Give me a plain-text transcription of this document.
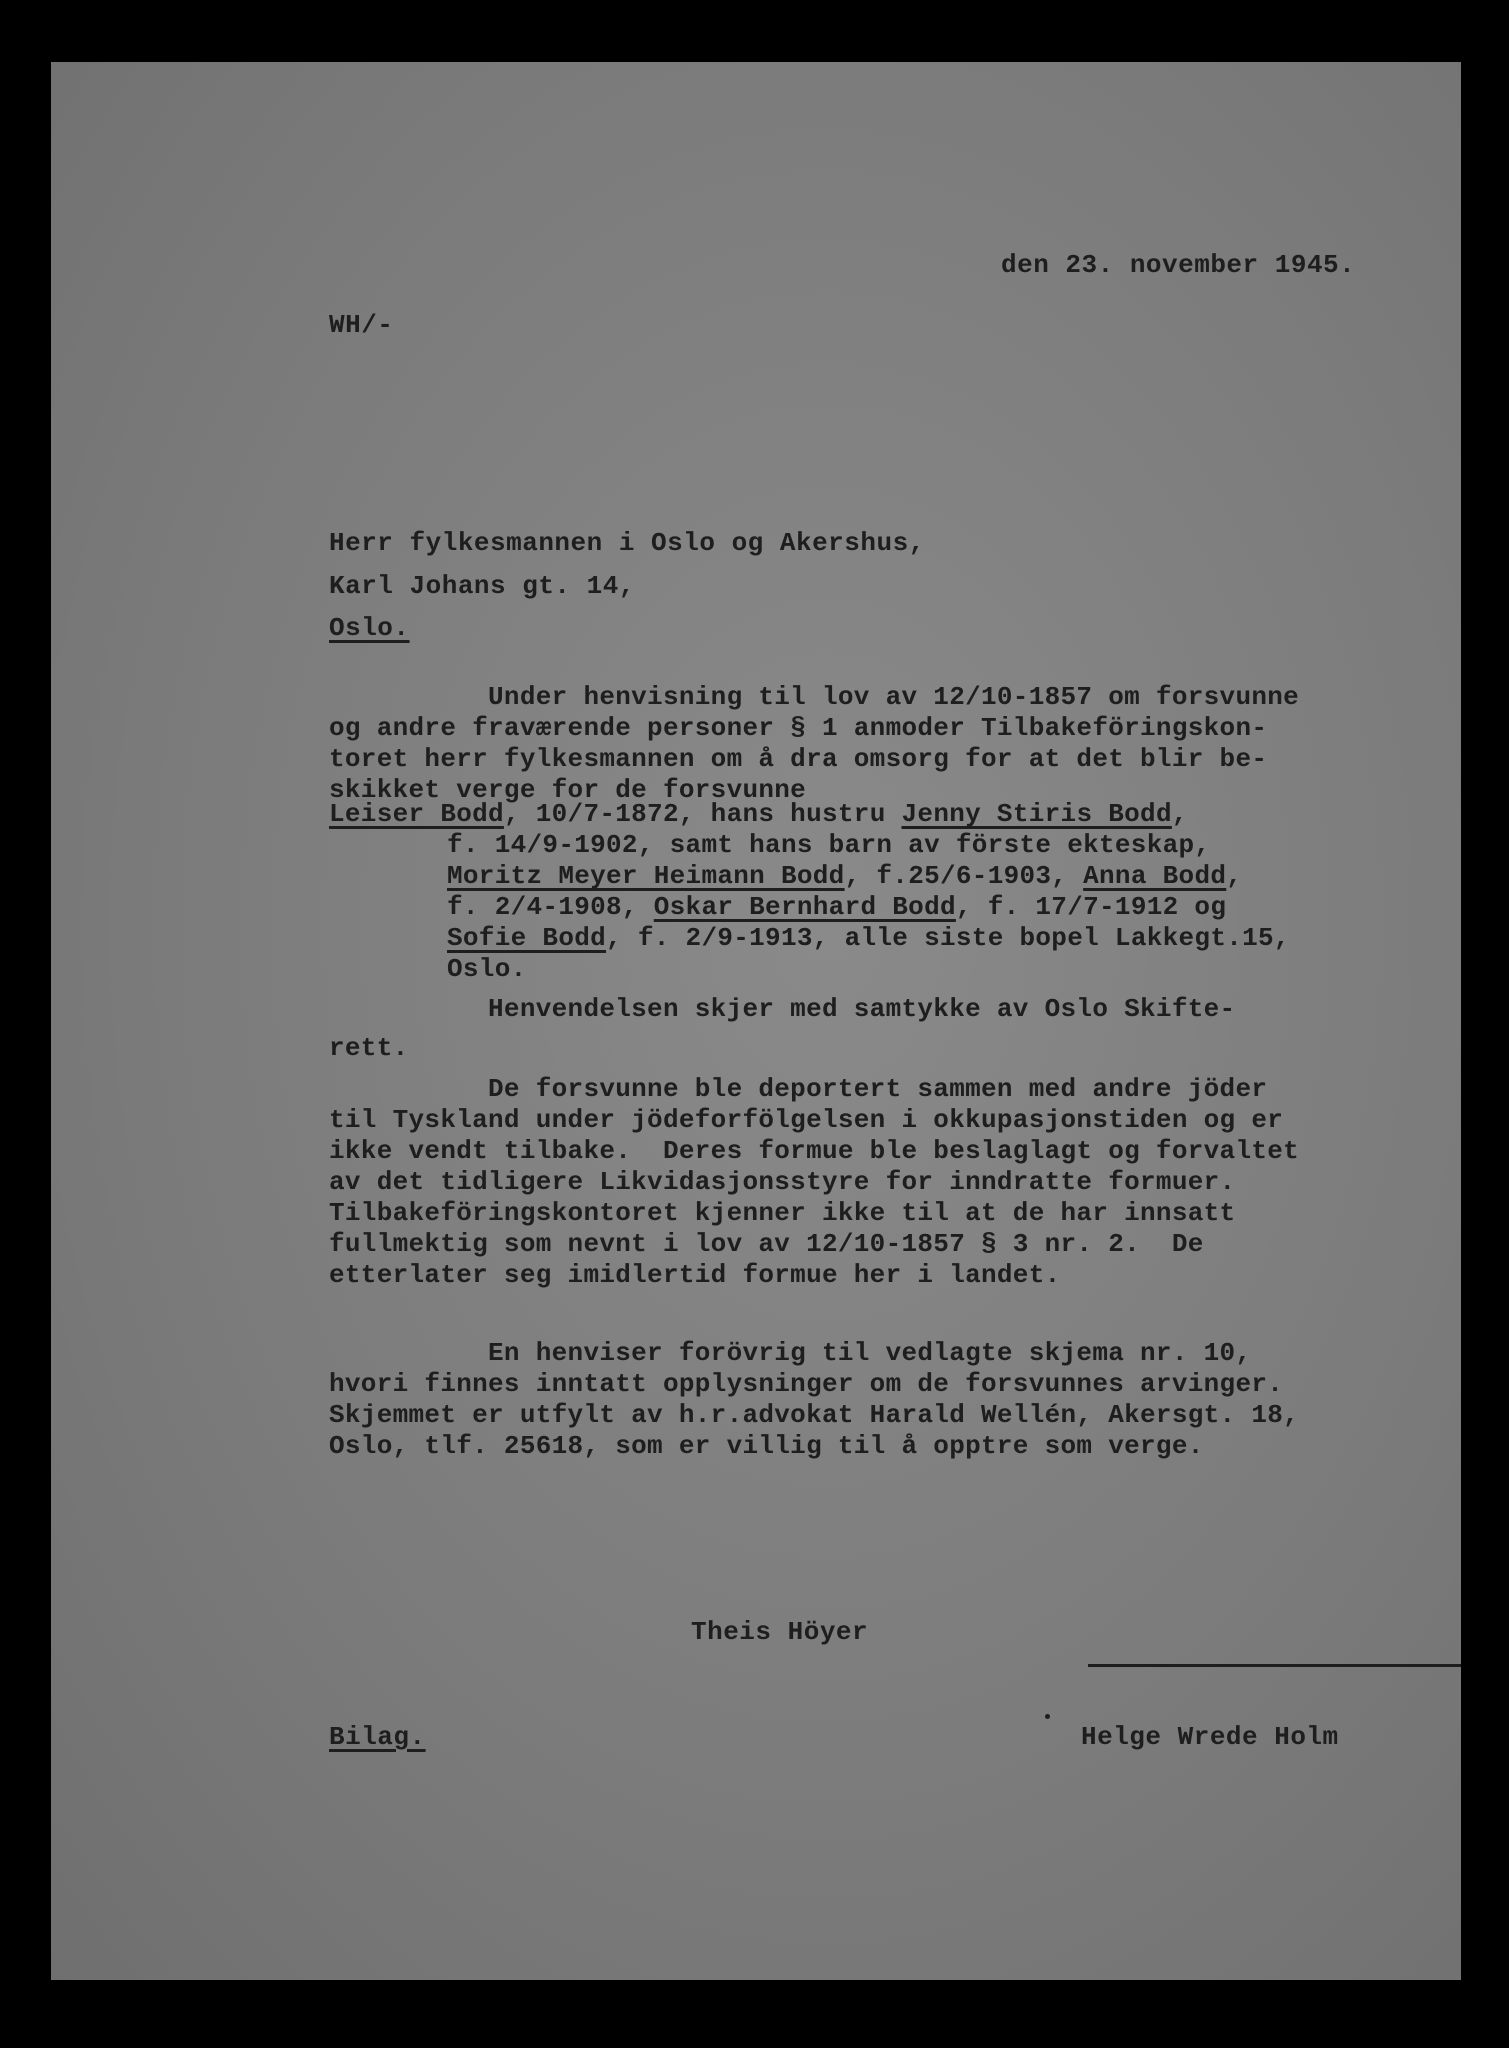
den 23. november 1945.

WH/-

Herr fylkesmannen i Oslo og Akershus,

Karl Johans gt. 14,

Oslo.

Under henvisning til lov av 12/10-1857 om forsvunne
og andre fraværende personer § 1 anmoder Tilbakeföringskon-
toret herr fylkesmannen om å dra omsorg for at det blir be-
skikket verge for de forsvunne
Leiser Bodd, 10/7-1872, hans hustru Jenny Stiris Bodd,
f. 14/9-1902, samt hans barn av förste ekteskap,
Moritz Meyer Heimann Bodd, f.25/6-1903, Anna Bodd,
f. 2/4-1908, Oskar Bernhard Bodd, f. 17/7-1912 og
Sofie Bodd, f. 2/9-1913, alle siste bopel Lakkegt.15,
Oslo.
Henvendelsen skjer med samtykke av Oslo Skifte-
rett.
De forsvunne ble deportert sammen med andre jöder
til Tyskland under jödeforfölgelsen i okkupasjonstiden og er
ikke vendt tilbake.  Deres formue ble beslaglagt og forvaltet
av det tidligere Likvidasjonsstyre for inndratte formuer.
Tilbakeföringskontoret kjenner ikke til at de har innsatt
fullmektig som nevnt i lov av 12/10-1857 § 3 nr. 2.  De
etterlater seg imidlertid formue her i landet.
En henviser forövrig til vedlagte skjema nr. 10,
hvori finnes inntatt opplysninger om de forsvunnes arvinger.
Skjemmet er utfylt av h.r.advokat Harald Wellén, Akersgt. 18,
Oslo, tlf. 25618, som er villig til å opptre som verge.

Theis Höyer

Bilag.	Helge Wrede Holm
